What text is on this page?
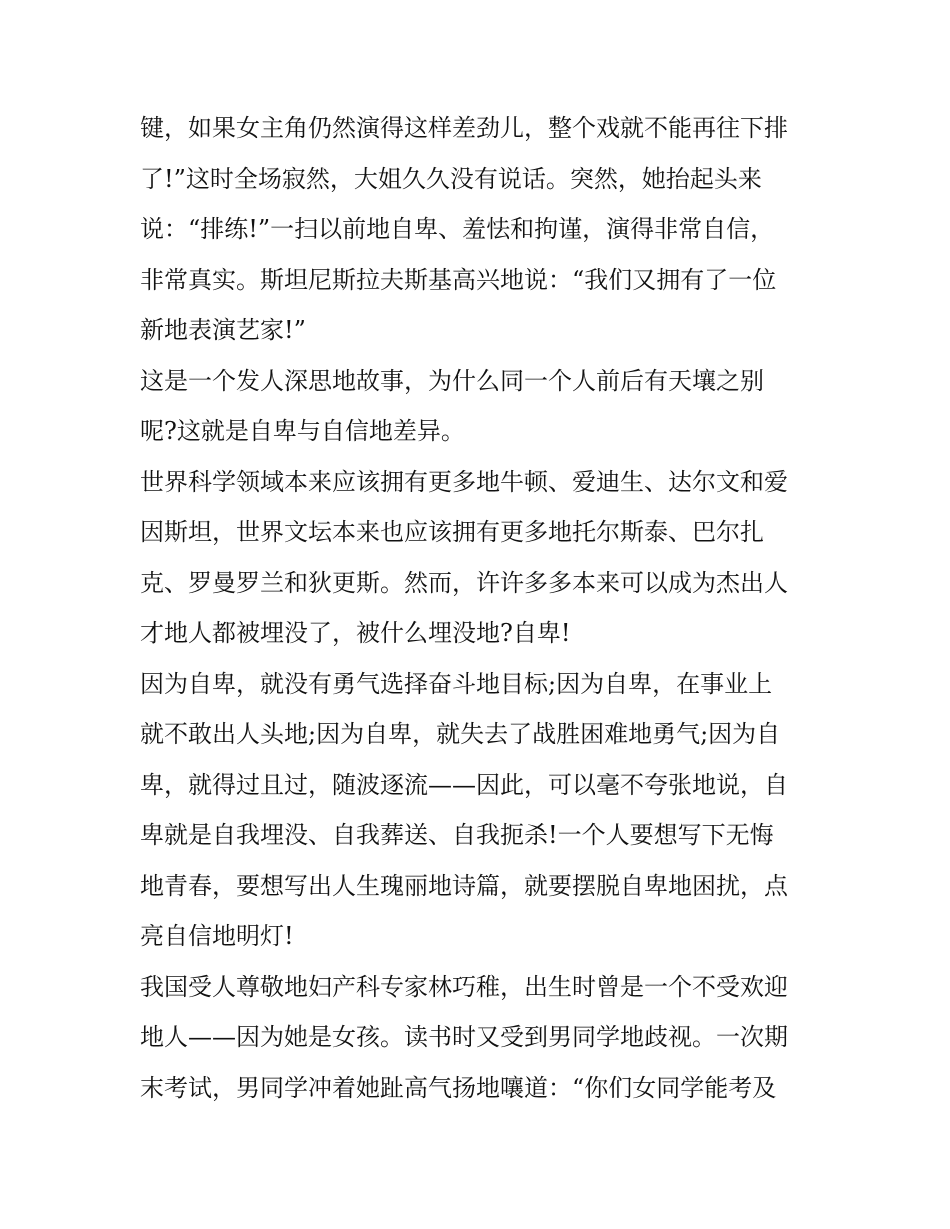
键，如果女主角仍然演得这样差劲儿，整个戏就不能再往下排
了!”这时全场寂然，大姐久久没有说话。突然，她抬起头来
说：“排练!”一扫以前地自卑、羞怯和拘谨，演得非常自信，
非常真实。斯坦尼斯拉夫斯基高兴地说：“我们又拥有了一位
新地表演艺家!”
这是一个发人深思地故事，为什么同一个人前后有天壤之别
呢?这就是自卑与自信地差异。
世界科学领域本来应该拥有更多地牛顿、爱迪生、达尔文和爱
因斯坦，世界文坛本来也应该拥有更多地托尔斯泰、巴尔扎
克、罗曼罗兰和狄更斯。然而，许许多多本来可以成为杰出人
才地人都被埋没了，被什么埋没地?自卑!
因为自卑，就没有勇气选择奋斗地目标;因为自卑，在事业上
就不敢出人头地;因为自卑，就失去了战胜困难地勇气;因为自
卑，就得过且过，随波逐流——因此，可以毫不夸张地说，自
卑就是自我埋没、自我葬送、自我扼杀!一个人要想写下无悔
地青春，要想写出人生瑰丽地诗篇，就要摆脱自卑地困扰，点
亮自信地明灯!
我国受人尊敬地妇产科专家林巧稚，出生时曾是一个不受欢迎
地人——因为她是女孩。读书时又受到男同学地歧视。一次期
末考试，男同学冲着她趾高气扬地嚷道：“你们女同学能考及
